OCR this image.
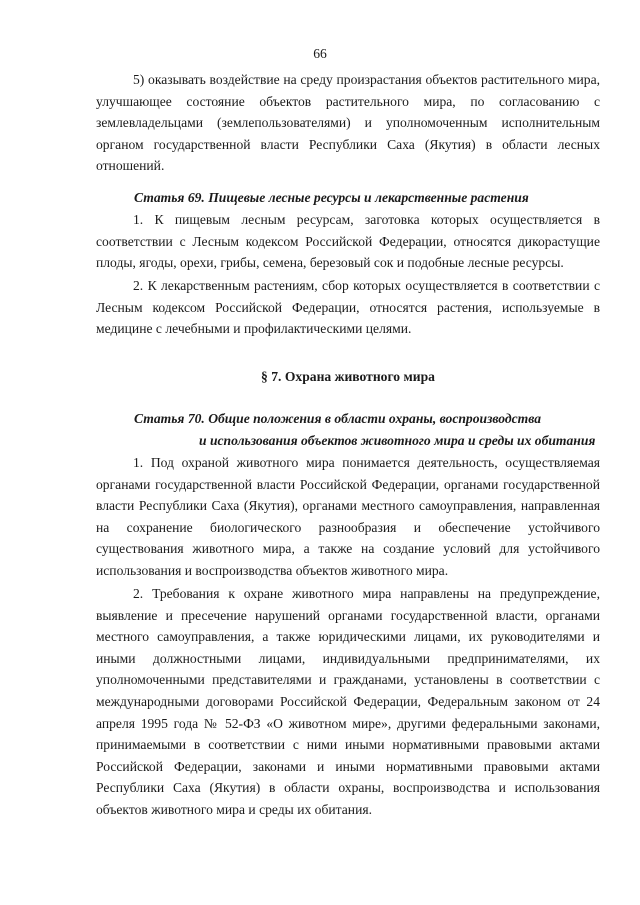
66

5) оказывать воздействие на среду произрастания объектов растительного мира, улучшающее состояние объектов растительного мира, по согласованию с землевладельцами (землепользователями) и уполномоченным исполнительным органом государственной власти Республики Саха (Якутия) в области лесных отношений.

Статья 69. Пищевые лесные ресурсы и лекарственные растения

1. К пищевым лесным ресурсам, заготовка которых осуществляется в соответствии с Лесным кодексом Российской Федерации, относятся дикорастущие плоды, ягоды, орехи, грибы, семена, березовый сок и подобные лесные ресурсы.

2. К лекарственным растениям, сбор которых осуществляется в соответствии с Лесным кодексом Российской Федерации, относятся растения, используемые в медицине с лечебными и профилактическими целями.

§ 7. Охрана животного мира

Статья 70. Общие положения в области охраны, воспроизводства

и использования объектов животного мира и среды их обитания

1. Под охраной животного мира понимается деятельность, осуществляемая органами государственной власти Российской Федерации, органами государственной власти Республики Саха (Якутия), органами местного самоуправления, направленная на сохранение биологического разнообразия и обеспечение устойчивого существования животного мира, а также на создание условий для устойчивого использования и воспроизводства объектов животного мира.

2. Требования к охране животного мира направлены на предупреждение, выявление и пресечение нарушений органами государственной власти, органами местного самоуправления, а также юридическими лицами, их руководителями и иными должностными лицами, индивидуальными предпринимателями, их уполномоченными представителями и гражданами, установлены в соответствии с международными договорами Российской Федерации, Федеральным законом от 24 апреля 1995 года № 52-ФЗ «О животном мире», другими федеральными законами, принимаемыми в соответствии с ними иными нормативными правовыми актами Российской Федерации, законами и иными нормативными правовыми актами Республики Саха (Якутия) в области охраны, воспроизводства и использования объектов животного мира и среды их обитания.
